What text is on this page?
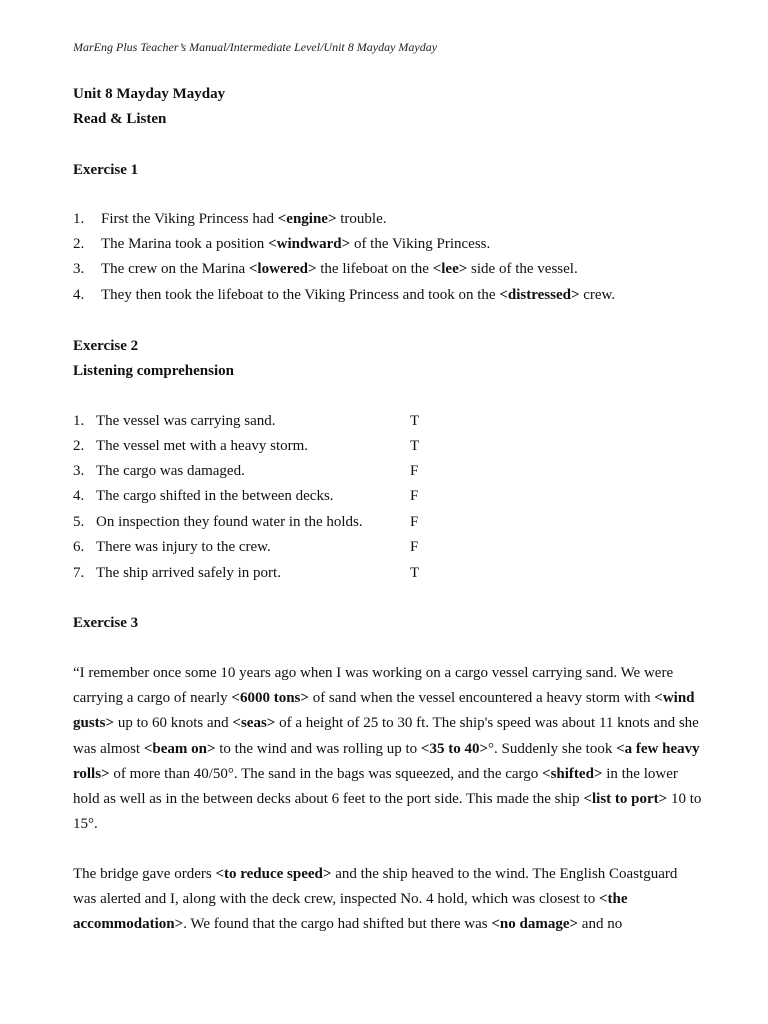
MarEng Plus Teacher’s Manual/Intermediate Level/Unit 8 Mayday Mayday
Unit 8 Mayday Mayday
Read & Listen
Exercise 1
1. First the Viking Princess had <engine> trouble.
2. The Marina took a position <windward> of the Viking Princess.
3. The crew on the Marina <lowered> the lifeboat on the <lee> side of the vessel.
4. They then took the lifeboat to the Viking Princess and took on the <distressed> crew.
Exercise 2
Listening comprehension
1. The vessel was carrying sand.	T
2. The vessel met with a heavy storm.	T
3. The cargo was damaged.	F
4. The cargo shifted in the between decks.	F
5. On inspection they found water in the holds.	F
6. There was injury to the crew.	F
7. The ship arrived safely in port.	T
Exercise 3
“I remember once some 10 years ago when I was working on a cargo vessel carrying sand. We were carrying a cargo of nearly <6000 tons> of sand when the vessel encountered a heavy storm with <wind gusts> up to 60 knots and <seas> of a height of 25 to 30 ft. The ship's speed was about 11 knots and she was almost <beam on> to the wind and was rolling up to <35 to 40>°. Suddenly she took <a few heavy rolls> of more than 40/50°. The sand in the bags was squeezed, and the cargo <shifted> in the lower hold as well as in the between decks about 6 feet to the port side. This made the ship <list to port> 10 to 15°.
The bridge gave orders <to reduce speed> and the ship heaved to the wind. The English Coastguard was alerted and I, along with the deck crew, inspected No. 4 hold, which was closest to <the accommodation>. We found that the cargo had shifted but there was <no damage> and no
